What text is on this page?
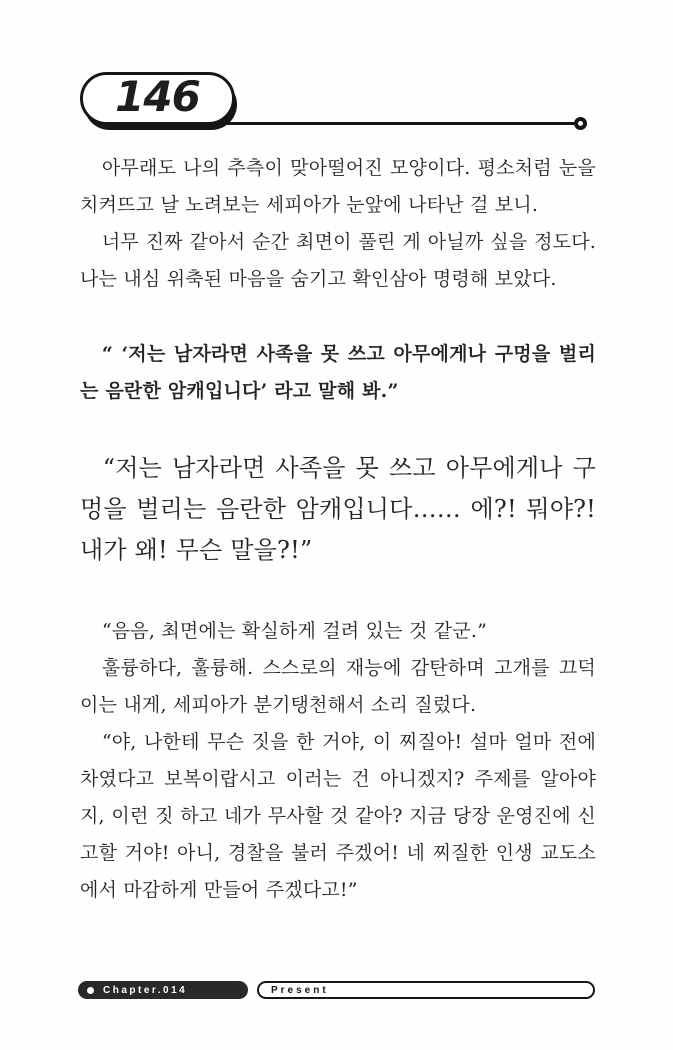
146

아무래도 나의 추측이 맞아떨어진 모양이다. 평소처럼 눈을 치켜뜨고 날 노려보는 세피아가 눈앞에 나타난 걸 보니.

너무 진짜 같아서 순간 최면이 풀린 게 아닐까 싶을 정도다. 나는 내심 위축된 마음을 숨기고 확인삼아 명령해 보았다.

“ ‘저는 남자라면 사족을 못 쓰고 아무에게나 구멍을 벌리는 음란한 암캐입니다’ 라고 말해 봐.”

“저는 남자라면 사족을 못 쓰고 아무에게나 구멍을 벌리는 음란한 암캐입니다…… 에?! 뭐야?! 내가 왜! 무슨 말을?!”

“음음, 최면에는 확실하게 걸려 있는 것 같군.”

훌륭하다, 훌륭해. 스스로의 재능에 감탄하며 고개를 끄덕이는 내게, 세피아가 분기탱천해서 소리 질렀다.

“야, 나한테 무슨 짓을 한 거야, 이 찌질아! 설마 얼마 전에 차였다고 보복이랍시고 이러는 건 아니겠지? 주제를 알아야지, 이런 짓 하고 네가 무사할 것 같아? 지금 당장 운영진에 신고할 거야! 아니, 경찰을 불러 주겠어! 네 찌질한 인생 교도소에서 마감하게 만들어 주겠다고!”

Chapter.014	Present
